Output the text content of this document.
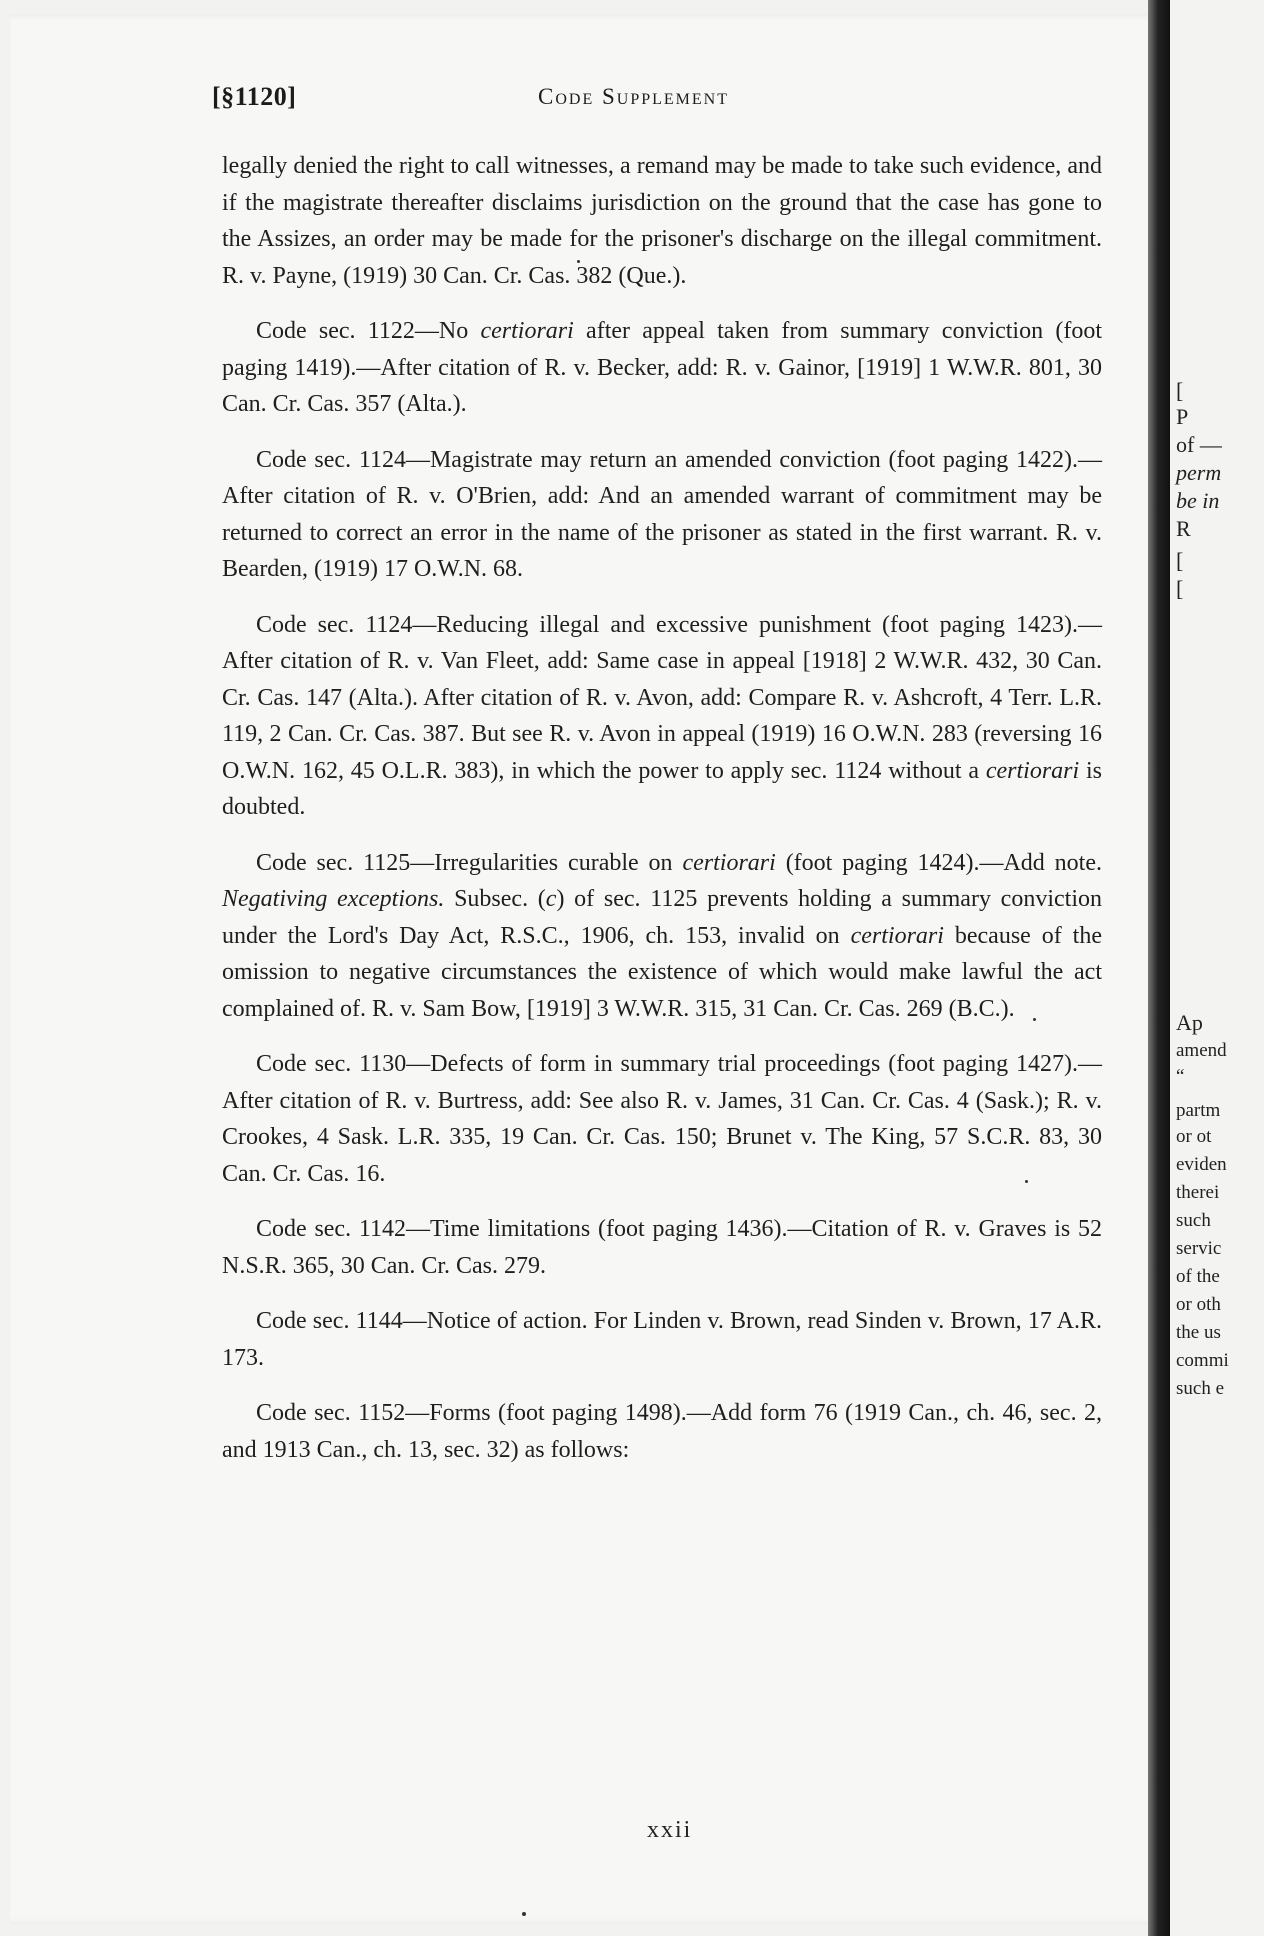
[§1120]	Code Supplement

legally denied the right to call witnesses, a remand may be made to take such evidence, and if the magistrate thereafter disclaims jurisdiction on the ground that the case has gone to the Assizes, an order may be made for the prisoner's discharge on the illegal commitment. R. v. Payne, (1919) 30 Can. Cr. Cas. 382 (Que.).

Code sec. 1122—No certiorari after appeal taken from summary conviction (foot paging 1419).—After citation of R. v. Becker, add: R. v. Gainor, [1919] 1 W.W.R. 801, 30 Can. Cr. Cas. 357 (Alta.).

Code sec. 1124—Magistrate may return an amended conviction (foot paging 1422).—After citation of R. v. O'Brien, add: And an amended warrant of commitment may be returned to correct an error in the name of the prisoner as stated in the first warrant. R. v. Bearden, (1919) 17 O.W.N. 68.

Code sec. 1124—Reducing illegal and excessive punishment (foot paging 1423).—After citation of R. v. Van Fleet, add: Same case in appeal [1918] 2 W.W.R. 432, 30 Can. Cr. Cas. 147 (Alta.). After citation of R. v. Avon, add: Compare R. v. Ashcroft, 4 Terr. L.R. 119, 2 Can. Cr. Cas. 387. But see R. v. Avon in appeal (1919) 16 O.W.N. 283 (reversing 16 O.W.N. 162, 45 O.L.R. 383), in which the power to apply sec. 1124 without a certiorari is doubted.

Code sec. 1125—Irregularities curable on certiorari (foot paging 1424).—Add note. Negativing exceptions. Subsec. (c) of sec. 1125 prevents holding a summary conviction under the Lord's Day Act, R.S.C., 1906, ch. 153, invalid on certiorari because of the omission to negative circumstances the existence of which would make lawful the act complained of. R. v. Sam Bow, [1919] 3 W.W.R. 315, 31 Can. Cr. Cas. 269 (B.C.).

Code sec. 1130—Defects of form in summary trial proceedings (foot paging 1427).—After citation of R. v. Burtress, add: See also R. v. James, 31 Can. Cr. Cas. 4 (Sask.); R. v. Crookes, 4 Sask. L.R. 335, 19 Can. Cr. Cas. 150; Brunet v. The King, 57 S.C.R. 83, 30 Can. Cr. Cas. 16.

Code sec. 1142—Time limitations (foot paging 1436).—Citation of R. v. Graves is 52 N.S.R. 365, 30 Can. Cr. Cas. 279.

Code sec. 1144—Notice of action. For Linden v. Brown, read Sinden v. Brown, 17 A.R. 173.

Code sec. 1152—Forms (foot paging 1498).—Add form 76 (1919 Can., ch. 46, sec. 2, and 1913 Can., ch. 13, sec. 32) as follows:

xxii
[
P
of —
perm
be in
R
[
[
Ap
amend
“
partm
or ot
eviden
therei
such
servic
of the
or oth
the us
commi
such e
